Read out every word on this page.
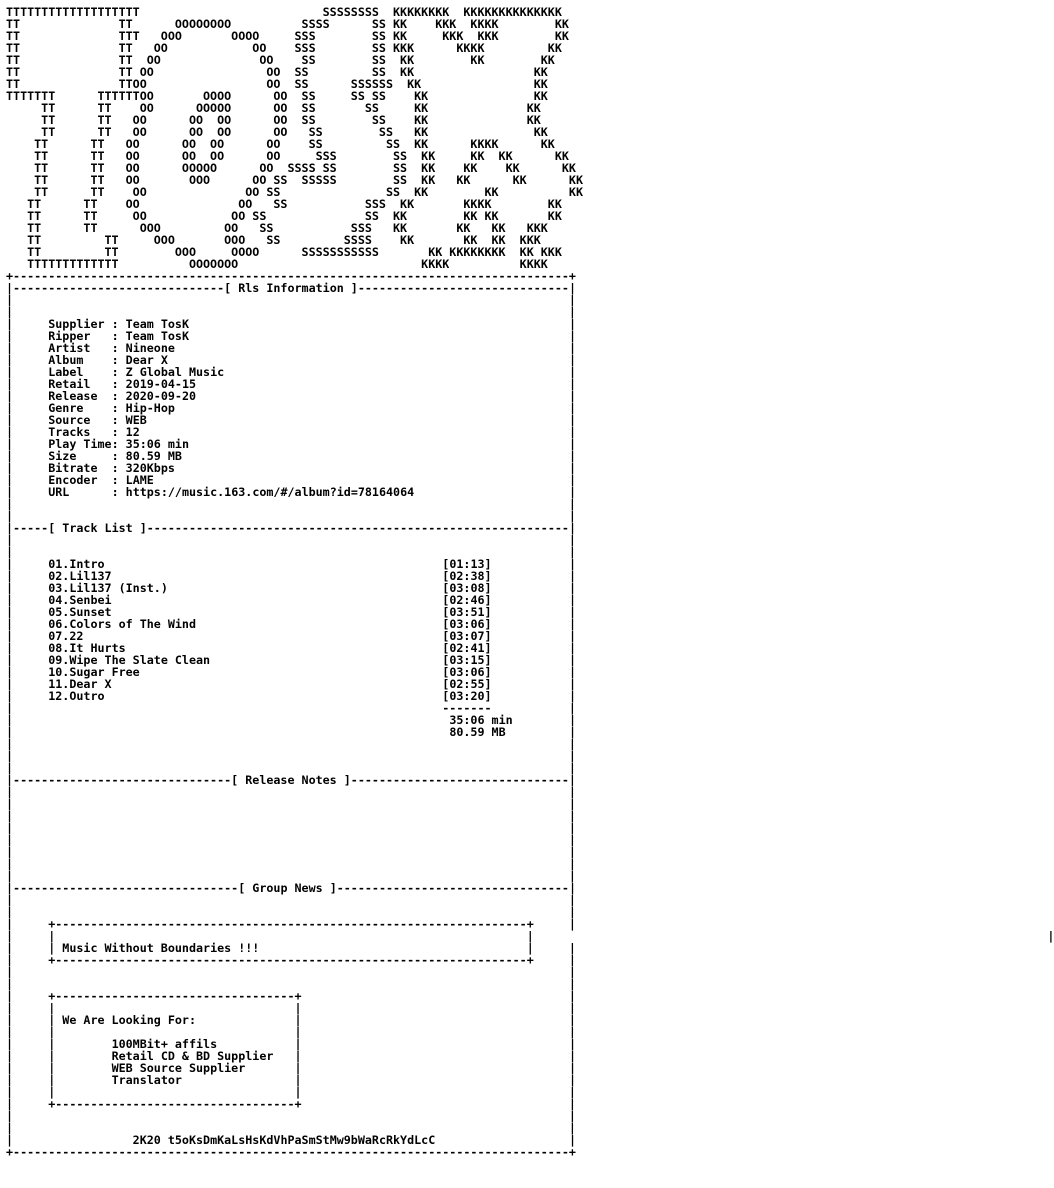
TTTTTTTTTTTTTTTTTTT                          SSSSSSSS  KKKKKKKK  KKKKKKKKKKKKKK
TT              TT      OOOOOOOO          SSSS      SS KK    KKK  KKKK        KK
TT              TTT   OOO       OOOO     SSS        SS KK     KKK  KKK        KK
TT              TT   OO            OO    SSS        SS KKK      KKKK         KK
TT              TT  OO              OO    SS        SS  KK        KK        KK
TT              TT OO                OO  SS         SS  KK                 KK
TT              TTOO                 OO  SS      SSSSSS  KK                KK
TTTTTTT      TTTTTTOO       OOOO      OO  SS     SS SS    KK               KK
TT      TT    OO      OOOOO      OO  SS       SS     KK              KK
TT      TT   OO      OO  OO      OO  SS        SS    KK              KK
TT      TT   OO      OO  OO      OO   SS        SS   KK               KK
TT      TT   OO      OO  OO      OO    SS         SS  KK      KKKK      KK
TT      TT   OO      OO  OO      OO     SSS        SS  KK     KK  KK      KK
TT      TT   OO      OOOOO      OO  SSSS SS        SS  KK    KK    KK      KK
TT      TT   OO       OOO      OO SS  SSSSS        SS  KK   KK      KK      KK
TT      TT    OO              OO SS               SS  KK        KK          KK
TT      TT    OO              OO   SS           SSS  KK       KKKK        KK
TT      TT     OO            OO SS              SS  KK        KK KK       KK
TT      TT      OOO         OO   SS           SSS   KK       KK   KK   KKK
TT         TT     OOO       OOO   SS         SSSS    KK       KK  KK  KKK
TT         TT        OOO     OOOO      SSSSSSSSSSS       KK KKKKKKKK  KK KKK
TTTTTTTTTTTTT          OOOOOOO                          KKKK          KKKK
+-------------------------------------------------------------------------------+
|------------------------------[ Rls Information ]------------------------------|
|                                                                               |
|                                                                               |
|     Supplier : Team TosK                                                      |
|     Ripper   : Team TosK                                                      |
|     Artist   : Nineone                                                        |
|     Album    : Dear X                                                         |
|     Label    : Z Global Music                                                 |
|     Retail   : 2019-04-15                                                     |
|     Release  : 2020-09-20                                                     |
|     Genre    : Hip-Hop                                                        |
|     Source   : WEB                                                            |
|     Tracks   : 12                                                             |
|     Play Time: 35:06 min                                                      |
|     Size     : 80.59 MB                                                       |
|     Bitrate  : 320Kbps                                                        |
|     Encoder  : LAME                                                           |
|     URL      : https://music.163.com/#/album?id=78164064                      |
|                                                                               |
|                                                                               |
|-----[ Track List ]------------------------------------------------------------|
|                                                                               |
|                                                                               |
|     01.Intro	[01:13]           |
|     02.Lil137	[02:38]           |
|     03.Lil137 (Inst.)	[03:08]           |
|     04.Senbei	[02:46]           |
|     05.Sunset	[03:51]           |
|     06.Colors of The Wind	[03:06]           |
|     07.22	[03:07]           |
|     08.It Hurts	[02:41]           |
|     09.Wipe The Slate Clean	[03:15]           |
|     10.Sugar Free	[03:06]           |
|     11.Dear X	[02:55]           |
|     12.Outro	[03:20]           |
|                                                             -------           |
|                                                              35:06 min        |
|                                                              80.59 MB         |
|                                                                               |
|                                                                               |
|                                                                               |
|-------------------------------[ Release Notes ]-------------------------------|
|                                                                               |
|                                                                               |
|                                                                               |
|                                                                               |
|                                                                               |
|                                                                               |
|                                                                               |
|                                                                               |
|--------------------------------[ Group News ]---------------------------------|
|                                                                               |
|                                                                               |
|     +-------------------------------------------------------------------+     |
|     |                                                                   |                                                                         |
|     | Music Without Boundaries !!!                                      |     |
|     +-------------------------------------------------------------------+     |
|                                                                               |
|                                                                               |
|     +----------------------------------+                                      |
|     |                                  |                                      |
|     | We Are Looking For:              |                                      |
|     |                                  |                                      |
|     |        100MBit+ affils           |                                      |
|     |        Retail CD & BD Supplier   |                                      |
|     |        WEB Source Supplier       |                                      |
|     |        Translator                |                                      |
|     |                                  |                                      |
|     +----------------------------------+                                      |
|                                                                               |
|                                                                               |
|                 2K20 t5oKsDmKaLsHsKdVhPaSmStMw9bWaRcRkYdLcC                   |
+-------------------------------------------------------------------------------+
